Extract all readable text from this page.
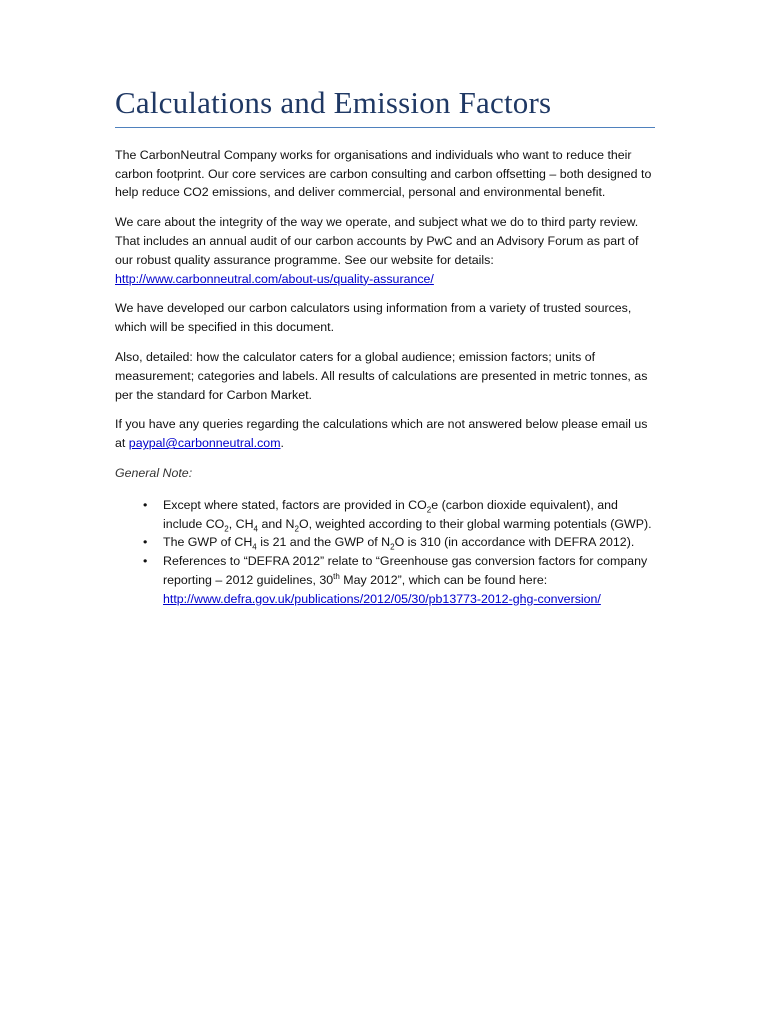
Calculations and Emission Factors

The CarbonNeutral Company works for organisations and individuals who want to reduce their carbon footprint. Our core services are carbon consulting and carbon offsetting – both designed to help reduce CO2 emissions, and deliver commercial, personal and environmental benefit.

We care about the integrity of the way we operate, and subject what we do to third party review. That includes an annual audit of our carbon accounts by PwC and an Advisory Forum as part of our robust quality assurance programme. See our website for details:
http://www.carbonneutral.com/about-us/quality-assurance/

We have developed our carbon calculators using information from a variety of trusted sources, which will be specified in this document.

Also, detailed: how the calculator caters for a global audience; emission factors; units of measurement; categories and labels. All results of calculations are presented in metric tonnes, as per the standard for Carbon Market.

If you have any queries regarding the calculations which are not answered below please email us at paypal@carbonneutral.com.

General Note:

• Except where stated, factors are provided in $CO_2e$ (carbon dioxide equivalent), and include $CO_2$, $CH_4$ and $N_2O$, weighted according to their global warming potentials (GWP).
• The GWP of $CH_4$ is 21 and the GWP of $N_2O$ is 310 (in accordance with DEFRA 2012).
• References to “DEFRA 2012” relate to “Greenhouse gas conversion factors for company reporting – 2012 guidelines, 30th May 2012”, which can be found here:
http://www.defra.gov.uk/publications/2012/05/30/pb13773-2012-ghg-conversion/
